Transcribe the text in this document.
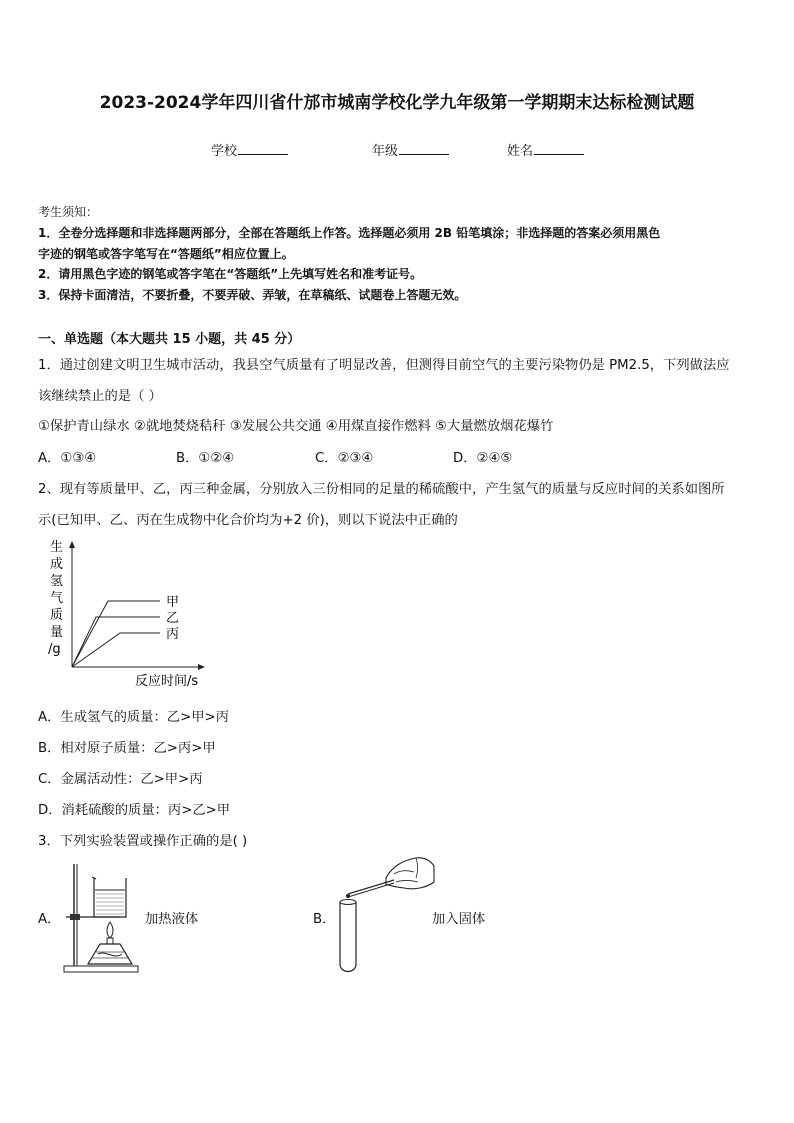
2023-2024学年四川省什邡市城南学校化学九年级第一学期期末达标检测试题
学校	年级	姓名
考生须知：
1．全卷分选择题和非选择题两部分，全部在答题纸上作答。选择题必须用 2B 铅笔填涂；非选择题的答案必须用黑色
字迹的钢笔或答字笔写在“答题纸”相应位置上。
2．请用黑色字迹的钢笔或答字笔在“答题纸”上先填写姓名和准考证号。
3．保持卡面清洁，不要折叠，不要弄破、弄皱，在草稿纸、试题卷上答题无效。
一、单选题（本大题共 15 小题，共 45 分）
1．通过创建文明卫生城市活动，我县空气质量有了明显改善，但测得目前空气的主要污染物仍是 PM2.5，下列做法应
该继续禁止的是（ ）
①保护青山绿水 ②就地焚烧秸秆 ③发展公共交通 ④用煤直接作燃料 ⑤大量燃放烟花爆竹
A．①③④	B．①②④	C．②③④	D．②④⑤
2、现有等质量甲、乙，丙三种金属，分别放入三份相同的足量的稀硫酸中，产生氢气的质量与反应时间的关系如图所
示(已知甲、乙、丙在生成物中化合价均为+2 价)，则以下说法中正确的
生
成
氢
气
质
量
/g
甲
乙
丙
反应时间/s
A．生成氢气的质量：乙>甲>丙
B．相对原子质量：乙>丙>甲
C．金属活动性：乙>甲>丙
D．消耗硫酸的质量：丙>乙>甲
3．下列实验装置或操作正确的是( )
A．	加热液体	B．	加入固体
